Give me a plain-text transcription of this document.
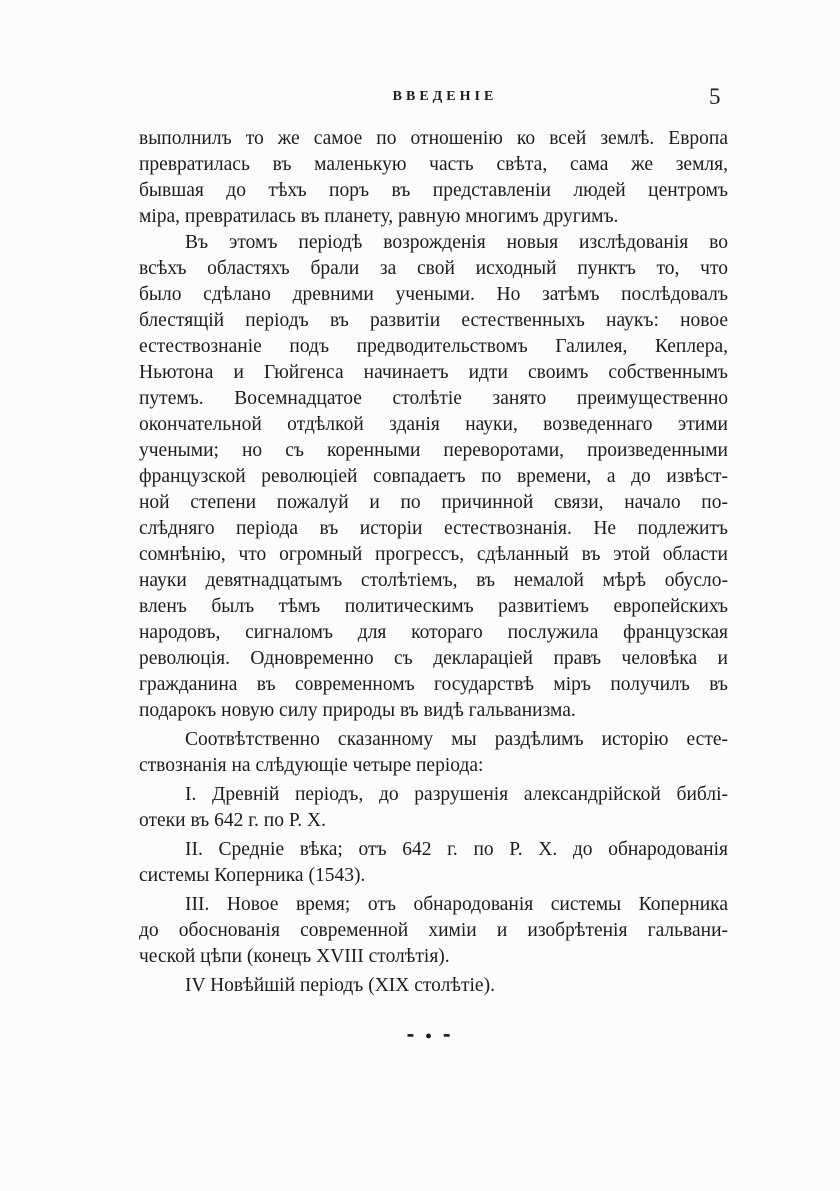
ВВЕДЕНІЕ	5
выполнилъ то же самое по отношенію ко всей землѣ. Европа
превратилась въ маленькую часть свѣта, сама же земля,
бывшая до тѣхъ поръ въ представленіи людей центромъ
міра, превратилась въ планету, равную многимъ другимъ.
Въ этомъ періодѣ возрожденія новыя изслѣдованія во
всѣхъ областяхъ брали за свой исходный пунктъ то, что
было сдѣлано древними учеными. Но затѣмъ послѣдовалъ
блестящій періодъ въ развитіи естественныхъ наукъ: новое
естествознаніе подъ предводительствомъ Галилея, Кеплера,
Ньютона и Гюйгенса начинаетъ идти своимъ собственнымъ
путемъ. Восемнадцатое столѣтіе занято преимущественно
окончательной отдѣлкой зданія науки, возведеннаго этими
учеными; но съ коренными переворотами, произведенными
французской революціей совпадаетъ по времени, а до извѣст-
ной степени пожалуй и по причинной связи, начало по-
слѣдняго періода въ исторіи естествознанія. Не подлежитъ
сомнѣнію, что огромный прогрессъ, сдѣланный въ этой области
науки девятнадцатымъ столѣтіемъ, въ немалой мѣрѣ обусло-
вленъ былъ тѣмъ политическимъ развитіемъ европейскихъ
народовъ, сигналомъ для котораго послужила французская
революція. Одновременно съ декларацiей правъ человѣка и
гражданина въ современномъ государствѣ міръ получилъ въ
подарокъ новую силу природы въ видѣ гальванизма.
Соотвѣтственно сказанному мы раздѣлимъ исторію есте-
ствознанія на слѣдующіе четыре періода:
I. Древній періодъ, до разрушенія александрійской библі-
отеки въ 642 г. по Р. Х.
II. Средніе вѣка; отъ 642 г. по Р. Х. до обнародованія
системы Коперника (1543).
III. Новое время; отъ обнародованія системы Коперника
до обоснованія современной химіи и изобрѣтенія гальвани-
ческой цѣпи (конецъ XVIII столѣтія).
IV Новѣйшій періодъ (XIX столѣтіе).
⁃ • ⁃
